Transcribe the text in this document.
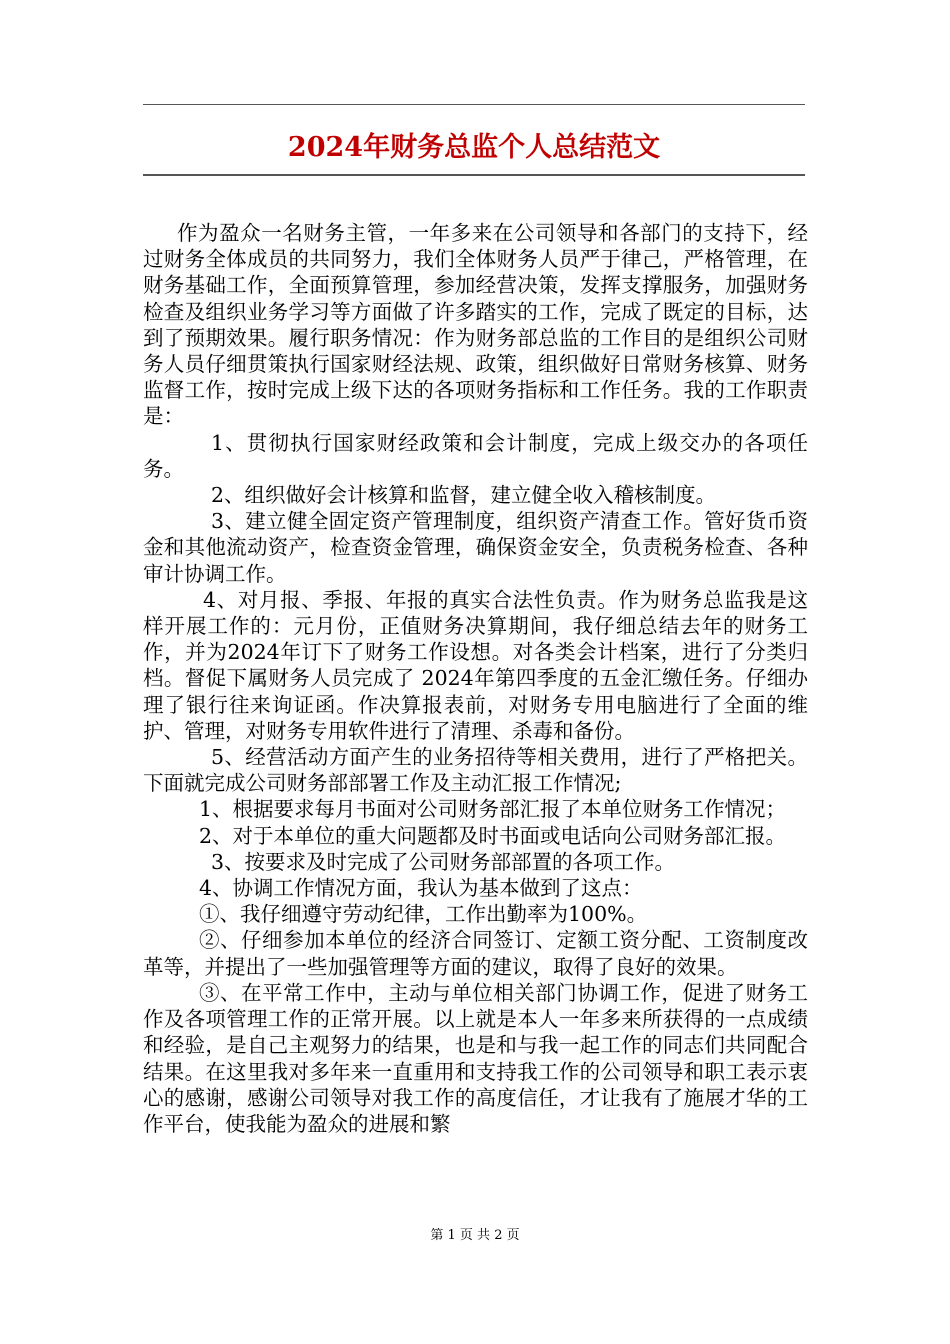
2024年财务总监个人总结范文

作为盈众一名财务主管，一年多来在公司领导和各部门的支持下，经过财务全体成员的共同努力，我们全体财务人员严于律己，严格管理，在财务基础工作，全面预算管理，参加经营决策，发挥支撑服务，加强财务检查及组织业务学习等方面做了许多踏实的工作，完成了既定的目标，达到了预期效果。履行职务情况：作为财务部总监的工作目的是组织公司财务人员仔细贯策执行国家财经法规、政策，组织做好日常财务核算、财务监督工作，按时完成上级下达的各项财务指标和工作任务。我的工作职责是：

1、贯彻执行国家财经政策和会计制度，完成上级交办的各项任务。

2、组织做好会计核算和监督，建立健全收入稽核制度。

3、建立健全固定资产管理制度，组织资产清查工作。管好货币资金和其他流动资产，检查资金管理，确保资金安全，负责税务检查、各种审计协调工作。

4、对月报、季报、年报的真实合法性负责。作为财务总监我是这样开展工作的：元月份，正值财务决算期间，我仔细总结去年的财务工作，并为2024年订下了财务工作设想。对各类会计档案，进行了分类归档。督促下属财务人员完成了 2024年第四季度的五金汇缴任务。仔细办理了银行往来询证函。作决算报表前，对财务专用电脑进行了全面的维护、管理，对财务专用软件进行了清理、杀毒和备份。

5、经营活动方面产生的业务招待等相关费用，进行了严格把关。下面就完成公司财务部部署工作及主动汇报工作情况;

1、根据要求每月书面对公司财务部汇报了本单位财务工作情况；

2、对于本单位的重大问题都及时书面或电话向公司财务部汇报。

3、按要求及时完成了公司财务部部置的各项工作。

4、协调工作情况方面，我认为基本做到了这点：

①、我仔细遵守劳动纪律，工作出勤率为100%。

②、仔细参加本单位的经济合同签订、定额工资分配、工资制度改革等，并提出了一些加强管理等方面的建议，取得了良好的效果。

③、在平常工作中，主动与单位相关部门协调工作，促进了财务工作及各项管理工作的正常开展。以上就是本人一年多来所获得的一点成绩和经验，是自己主观努力的结果，也是和与我一起工作的同志们共同配合结果。在这里我对多年来一直重用和支持我工作的公司领导和职工表示衷心的感谢，感谢公司领导对我工作的高度信任，才让我有了施展才华的工作平台，使我能为盈众的进展和繁

第 1 页 共 2 页
